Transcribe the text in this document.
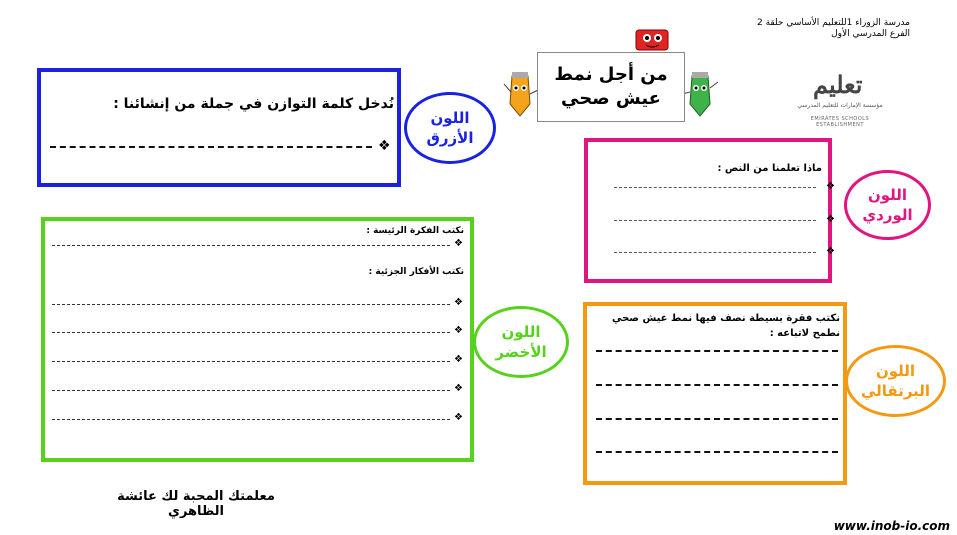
مدرسة الزوراء 1للتعليم الأساسي حلقة 2
الفرع المدرسي الأول
تعليم
مؤسسة الإمارات للتعليم المدرسي
EMIRATES SCHOOLS ESTABLISHMENT
من أجل نمط
عيش صحي
نُدخل كلمة التوازن في جملة من إنشائنا :
❖
اللون
الأزرق
نكتب الفكرة الرئيسة :
❖
نكتب الأفكار الجزئية :
❖
❖
❖
❖
❖
اللون
الأخضر
ماذا تعلمنا من النص :
❖
❖
❖
اللون
الوردي
نكتب فقرة بسيطة نصف فيها نمط عيش صحي نطمح لاتباعه :
اللون
البرتقالي
معلمتك المحبة لك عائشة الظاهري
www.inob-io.com
